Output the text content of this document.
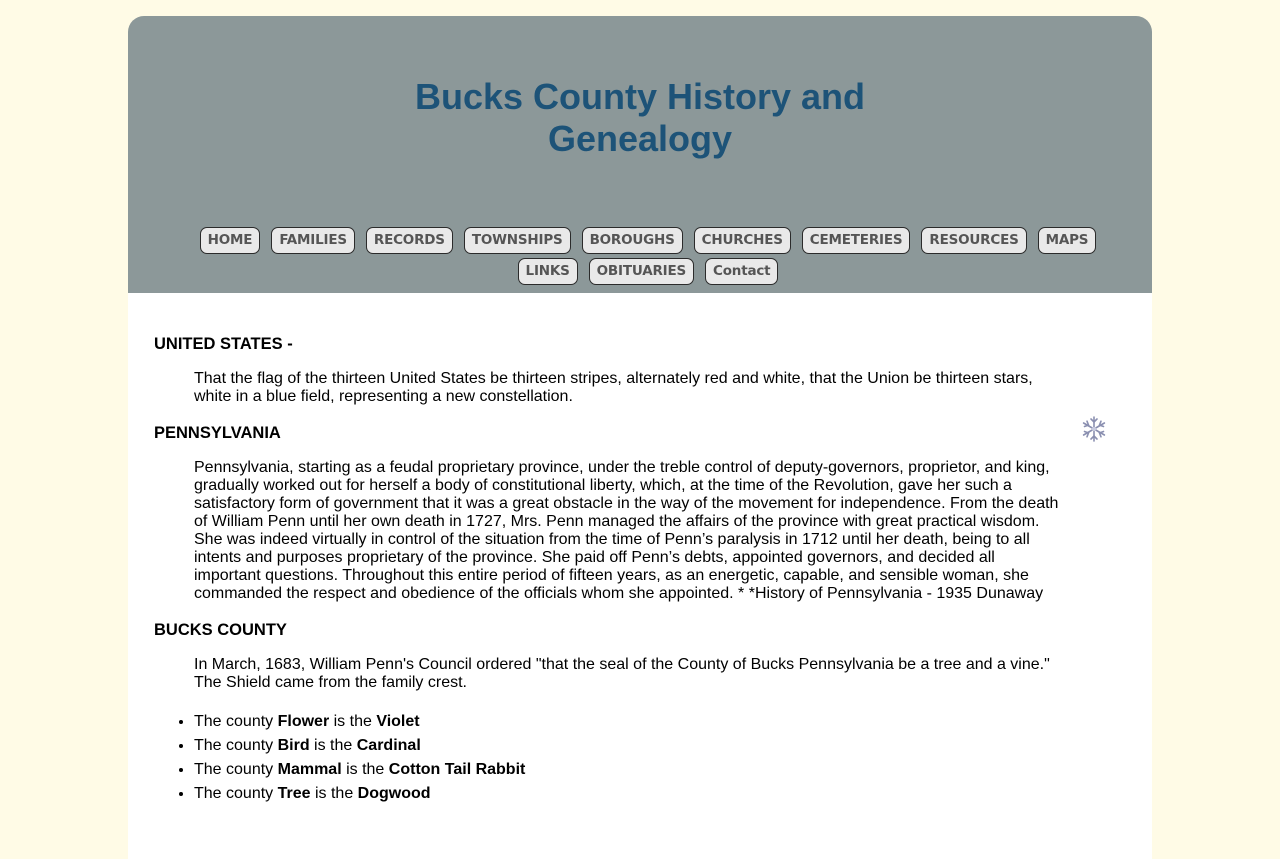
Bucks County History and
Genealogy
HOME	FAMILIES	RECORDS	TOWNSHIPS	BOROUGHS	CHURCHES	CEMETERIES	RESOURCES	MAPS
LINKS	OBITUARIES	Contact
UNITED STATES -

That the flag of the thirteen United States be thirteen stripes, alternately red and white, that the Union be thirteen stars, white in a blue field, representing a new constellation.

PENNSYLVANIA

Pennsylvania, starting as a feudal proprietary province, under the treble control of deputy-governors, proprietor, and king, gradually worked out for herself a body of constitutional liberty, which, at the time of the Revolution, gave her such a satisfactory form of government that it was a great obstacle in the way of the movement for independence. From the death of William Penn until her own death in 1727, Mrs. Penn managed the affairs of the province with great practical wisdom. She was indeed virtually in control of the situation from the time of Penn’s paralysis in 1712 until her death, being to all intents and purposes proprietary of the province. She paid off Penn’s debts, appointed governors, and decided all important questions. Throughout this entire period of fifteen years, as an energetic, capable, and sensible woman, she commanded the respect and obedience of the officials whom she appointed. * *History of Pennsylvania - 1935 Dunaway

BUCKS COUNTY

In March, 1683, William Penn's Council ordered "that the seal of the County of Bucks Pennsylvania be a tree and a vine." The Shield came from the family crest.

• The county Flower is the Violet
• The county Bird is the Cardinal
• The county Mammal is the Cotton Tail Rabbit
• The county Tree is the Dogwood
